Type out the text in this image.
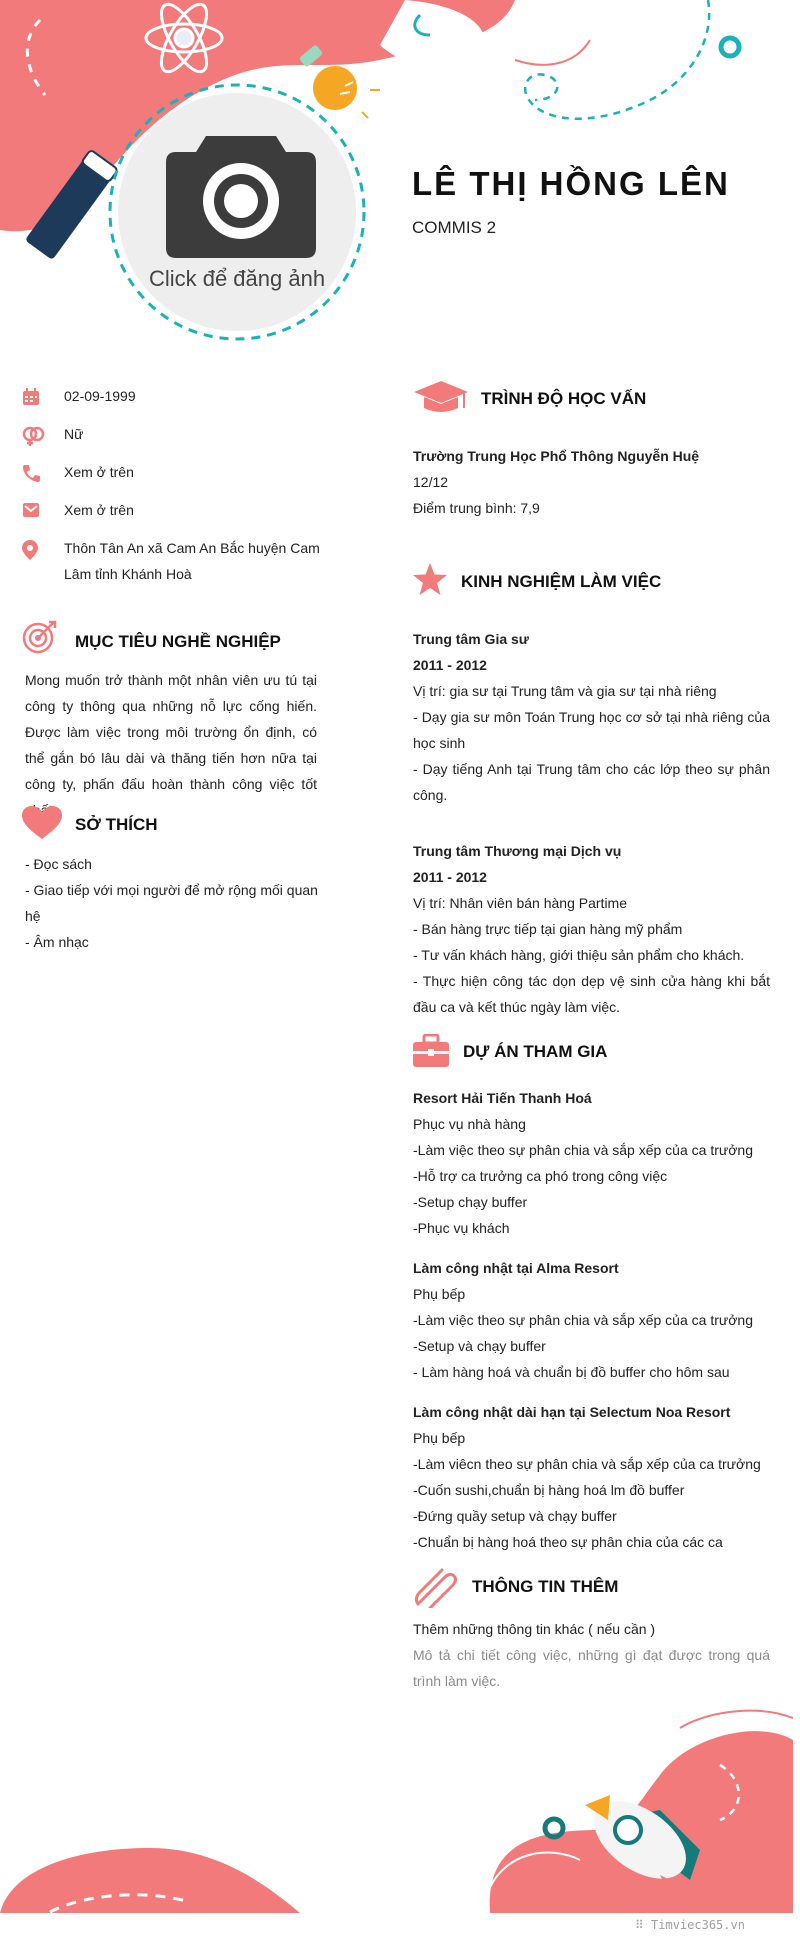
Click để đăng ảnh
LÊ THỊ HỒNG LÊN
COMMIS 2
02-09-1999
Nữ
Xem ở trên
Xem ở trên
Thôn Tân An xã Cam An Bắc huyện Cam Lâm tỉnh Khánh Hoà
MỤC TIÊU NGHỀ NGHIỆP
Mong muốn trở thành một nhân viên ưu tú tại công ty thông qua những nỗ lực cống hiến. Được làm việc trong môi trường ổn định, có thể gắn bó lâu dài và thăng tiến hơn nữa tại công ty, phấn đấu hoàn thành công việc tốt
SỞ THÍCH
- Đọc sách
- Giao tiếp với mọi người để mở rộng mối quan hệ
- Âm nhạc
TRÌNH ĐỘ HỌC VẤN
Trường Trung Học Phổ Thông Nguyễn Huệ
12/12
Điểm trung bình: 7,9
KINH NGHIỆM LÀM VIỆC
Trung tâm Gia sư
2011 - 2012
Vị trí: gia sư tại Trung tâm và gia sư tại nhà riêng
- Dạy gia sư môn Toán Trung học cơ sở tại nhà riêng của học sinh
- Dạy tiếng Anh tại Trung tâm cho các lớp theo sự phân công.
Trung tâm Thương mại Dịch vụ
2011 - 2012
Vị trí: Nhân viên bán hàng Partime
- Bán hàng trực tiếp tại gian hàng mỹ phẩm
- Tư vấn khách hàng, giới thiệu sản phẩm cho khách.
- Thực hiện công tác dọn dẹp vệ sinh cửa hàng khi bắt đầu ca và kết thúc ngày làm việc.
DỰ ÁN THAM GIA
Resort Hải Tiến Thanh Hoá
Phục vụ nhà hàng
-Làm việc theo sự phân chia và sắp xếp của ca trưởng
-Hỗ trợ ca trưởng ca phó trong công việc
-Setup chạy buffer
-Phục vụ khách
Làm công nhật tại Alma Resort
Phụ bếp
-Làm việc theo sự phân chia và sắp xếp của ca trưởng
-Setup và chạy buffer
- Làm hàng hoá và chuẩn bị đồ buffer cho hôm sau
Làm công nhật dài hạn tại Selectum Noa Resort
Phụ bếp
-Làm viêcn theo sự phân chia và sắp xếp của ca trưởng
-Cuốn sushi,chuẩn bị hàng hoá lm đồ buffer
-Đứng quầy setup và chạy buffer
-Chuẩn bị hàng hoá theo sự phân chia của các ca
THÔNG TIN THÊM
Thêm những thông tin khác ( nếu cần )
Mô tả chi tiết công việc, những gì đạt được trong quá trình làm việc.
⠿ Timviec365.vn
